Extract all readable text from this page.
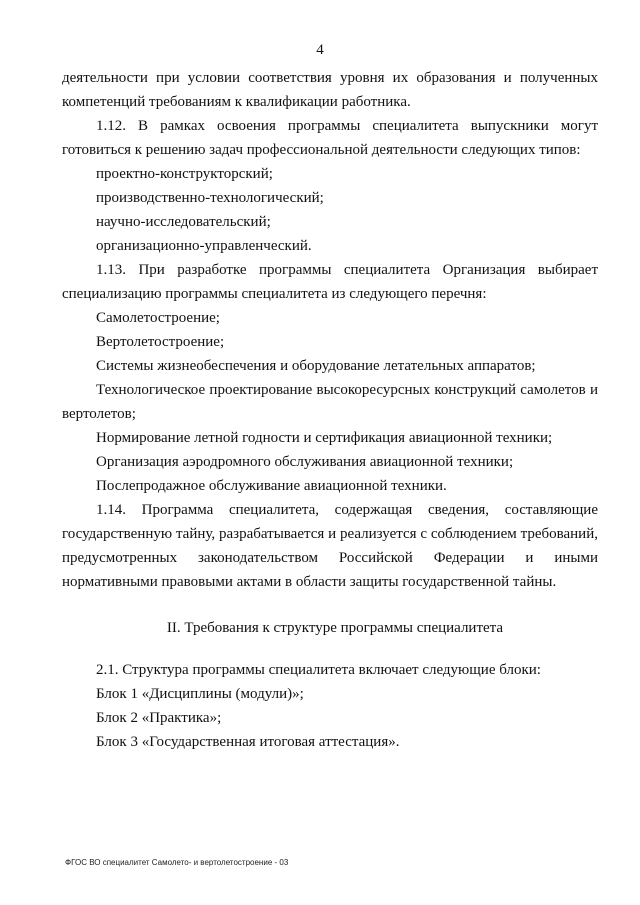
4

деятельности при условии соответствия уровня их образования и полученных компетенций требованиям к квалификации работника.

1.12. В рамках освоения программы специалитета выпускники могут готовиться к решению задач профессиональной деятельности следующих типов:

проектно-конструкторский;

производственно-технологический;

научно-исследовательский;

организационно-управленческий.

1.13. При разработке программы специалитета Организация выбирает специализацию программы специалитета из следующего перечня:

Самолетостроение;

Вертолетостроение;

Системы жизнеобеспечения и оборудование летательных аппаратов;

Технологическое проектирование высокоресурсных конструкций самолетов и вертолетов;

Нормирование летной годности и сертификация авиационной техники;

Организация аэродромного обслуживания авиационной техники;

Послепродажное обслуживание авиационной техники.

1.14. Программа специалитета, содержащая сведения, составляющие государственную тайну, разрабатывается и реализуется с соблюдением требований, предусмотренных законодательством Российской Федерации и иными нормативными правовыми актами в области защиты государственной тайны.

II. Требования к структуре программы специалитета

2.1. Структура программы специалитета включает следующие блоки:

Блок 1 «Дисциплины (модули)»;

Блок 2 «Практика»;

Блок 3 «Государственная итоговая аттестация».

ФГОС ВО специалитет Самолето- и вертолетостроение - 03
